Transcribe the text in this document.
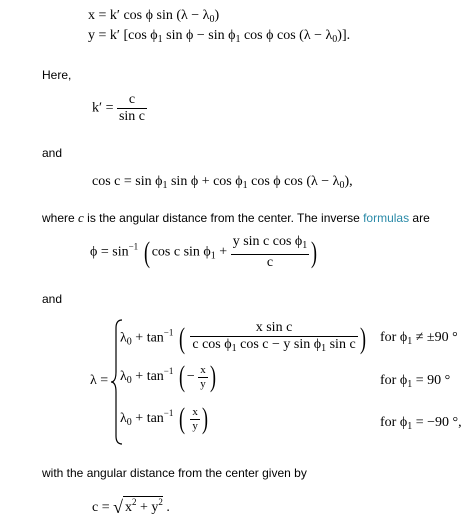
x = k′ cos ϕ $\sin (\lambda - \lambda_0)$
y = k′ [cos $\phi_1$ $\sin \phi - \sin \phi_1$ cos ϕ $\cos (\lambda - \lambda_0)$].
Here,
$k' = \frac{c}{\text{sin c}}$
and
$\cos c = \sin \phi_1$ $\sin \phi + \cos \phi_1$ cos ϕ $\cos (\lambda - \lambda_0)$,
where c is the angular distance from the center. The inverse formulas are
$\phi = \sin^{-1}$ ( cos c $\sin \phi_1 + \frac{y \sin c \cos \phi_1}{c}$ )
and
λ =
$\lambda_0 + \tan^{-1}$ ( $\frac{\text{x sin c}}{c \cos \phi_1 \cos c - y \sin \phi_1 \sin c}$ ) for $\phi_1 \ne \pm 90$ °
$\lambda_0 + \tan^{-1}$ ( − $\frac{x}{y}$ )	for $\phi_1 = 90$ °
$\lambda_0 + \tan^{-1}$ ( $\frac{x}{y}$ )	for $\phi_1 = -90$ °,
with the angular distance from the center given by
c = √ $x^2 + y^2$ .
